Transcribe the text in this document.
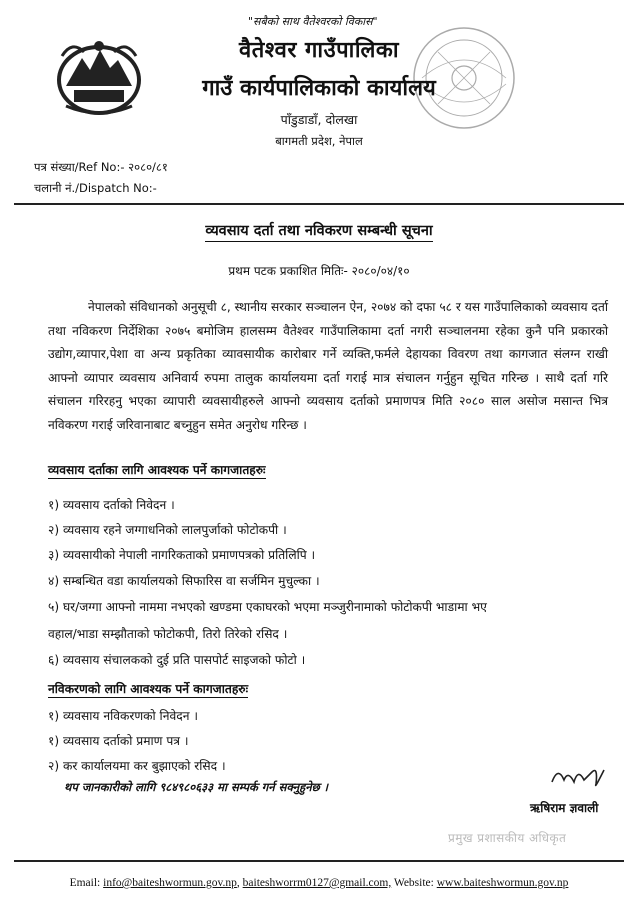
"सबैको साथ वैतेश्वरको विकास"
वैतेश्वर गाउँपालिका
गाउँ कार्यपालिकाको कार्यालय
पाँडुडाडाँ, दोलखा
बागमती प्रदेश, नेपाल
पत्र संख्या/Ref No:- २०८०/८१
चलानी नं./Dispatch No:-
व्यवसाय दर्ता तथा नविकरण सम्बन्धी सूचना
प्रथम पटक प्रकाशित मितिः- २०८०/०४/१०
नेपालको संविधानको अनुसूची ८, स्थानीय सरकार सञ्चालन ऐन, २०७४ को दफा ५८ र यस गाउँपालिकाको व्यवसाय दर्ता तथा नविकरण निर्देशिका २०७५ बमोजिम हालसम्म वैतेश्वर गाउँपालिकामा दर्ता नगरी सञ्चालनमा रहेका कुनै पनि प्रकारको उद्योग,व्यापार,पेशा वा अन्य प्रकृतिका व्यावसायीक कारोबार गर्ने व्यक्ति,फर्मले देहायका विवरण तथा कागजात संलग्न राखी आफ्नो व्यापार व्यवसाय अनिवार्य रुपमा तालुक कार्यालयमा दर्ता गराई मात्र संचालन गर्नुहुन सूचित गरिन्छ । साथै दर्ता गरि संचालन गरिरहनु भएका व्यापारी व्यवसायीहरुले आफ्नो व्यवसाय दर्ताको प्रमाणपत्र मिति २०८० साल असोज मसान्त भित्र नविकरण गराई जरिवानाबाट बच्नुहुन समेत अनुरोध गरिन्छ ।
व्यवसाय दर्ताका लागि आवश्यक पर्ने कागजातहरुः
१) व्यवसाय दर्ताको निवेदन ।
२) व्यवसाय रहने जग्गाधनिको लालपुर्जाको फोटोकपी ।
३) व्यवसायीको नेपाली नागरिकताको प्रमाणपत्रको प्रतिलिपि ।
४) सम्बन्धित वडा कार्यालयको सिफारिस वा सर्जमिन मुचुल्का ।
५) घर/जग्गा आफ्नो नाममा नभएको खण्डमा एकाघरको भएमा मञ्जुरीनामाको फोटोकपी भाडामा भए
वहाल/भाडा सम्झौताको फोटोकपी, तिरो तिरेको रसिद ।
६) व्यवसाय संचालकको दुई प्रति पासपोर्ट साइजको फोटो ।
नविकरणको लागि आवश्यक पर्ने कागजातहरुः
१) व्यवसाय नविकरणको निवेदन ।
१) व्यवसाय दर्ताको प्रमाण पत्र ।
२) कर कार्यालयमा कर बुझाएको रसिद ।
थप जानकारीको लागि ९८४९८०६३३ मा सम्पर्क गर्न सक्नुहुनेछ ।
ऋषिराम ज्ञवाली
प्रमुख प्रशासकीय अधिकृत
Email: info@baiteshwormun.gov.np, baiteshworrm0127@gmail.com, Website: www.baiteshwormun.gov.np
